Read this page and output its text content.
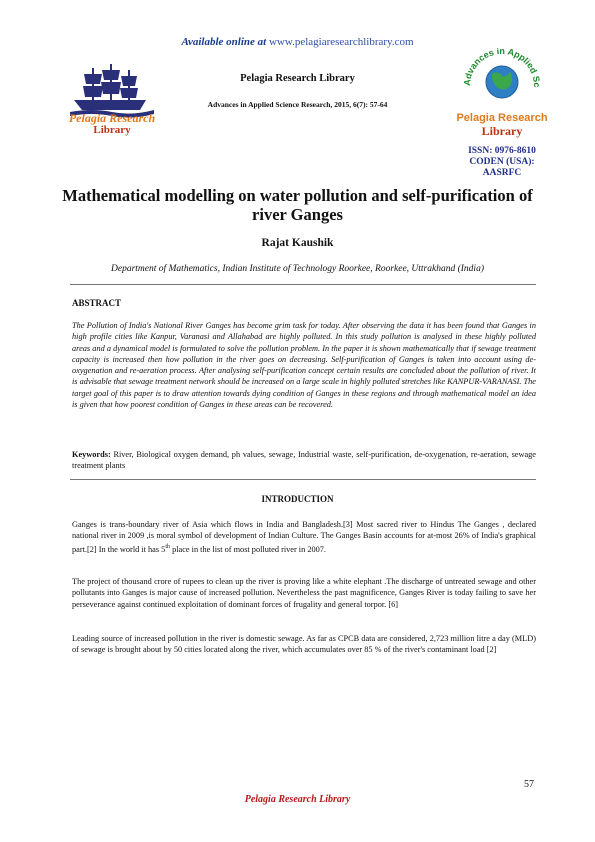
Available online at www.pelagiaresearchlibrary.com
Pelagia Research
Library
Pelagia Research Library
Advances in Applied Science Research, 2015, 6(7): 57-64
Advances in Applied Sc
Pelagia Research
Library
ISSN: 0976-8610
CODEN (USA): AASRFC
Mathematical modelling on water pollution and self-purification of river Ganges
Rajat Kaushik
Department of Mathematics, Indian Institute of Technology Roorkee, Roorkee, Uttrakhand (India)
ABSTRACT
The Pollution of India's National River Ganges has become grim task for today. After observing the data it has been found that Ganges in high profile cities like Kanpur, Varanasi and Allahabad are highly polluted. In this study pollution is analysed in these highly polluted areas and a dynamical model is formulated to solve the pollution problem. In the paper it is shown mathematically that if sewage treatment capacity is increased then how pollution in the river goes on decreasing. Self-purification of Ganges is taken into account using de-oxygenation and re-aeration process. After analysing self-purification concept certain results are concluded about the pollution of river. It is advisable that sewage treatment network should be increased on a large scale in highly polluted stretches like KANPUR-VARANASI. The target goal of this paper is to draw attention towards dying condition of Ganges in these regions and through mathematical model an idea is given that how poorest condition of Ganges in these areas can be recovered.
Keywords: River, Biological oxygen demand, ph values, sewage, Industrial waste, self-purification, de-oxygenation, re-aeration, sewage treatment plants
INTRODUCTION
Ganges is trans-boundary river of Asia which flows in India and Bangladesh.[3] Most sacred river to Hindus The Ganges , declared national river in 2009 ,is moral symbol of development of Indian Culture. The Ganges Basin accounts for at-most 26% of India's graphical part.[2] In the world it has 5th place in the list of most polluted river in 2007.
The project of thousand crore of rupees to clean up the river is proving like a white elephant .The discharge of untreated sewage and other pollutants into Ganges is major cause of increased pollution. Nevertheless the past magnificence, Ganges River is today failing to save her perseverance against continued exploitation of dominant forces of frugality and general torpor. [6]
Leading source of increased pollution in the river is domestic sewage. As far as CPCB data are considered, 2,723 million litre a day (MLD) of sewage is brought about by 50 cities located along the river, which accumulates over 85 % of the river's contaminant load [2]
57
Pelagia Research Library
